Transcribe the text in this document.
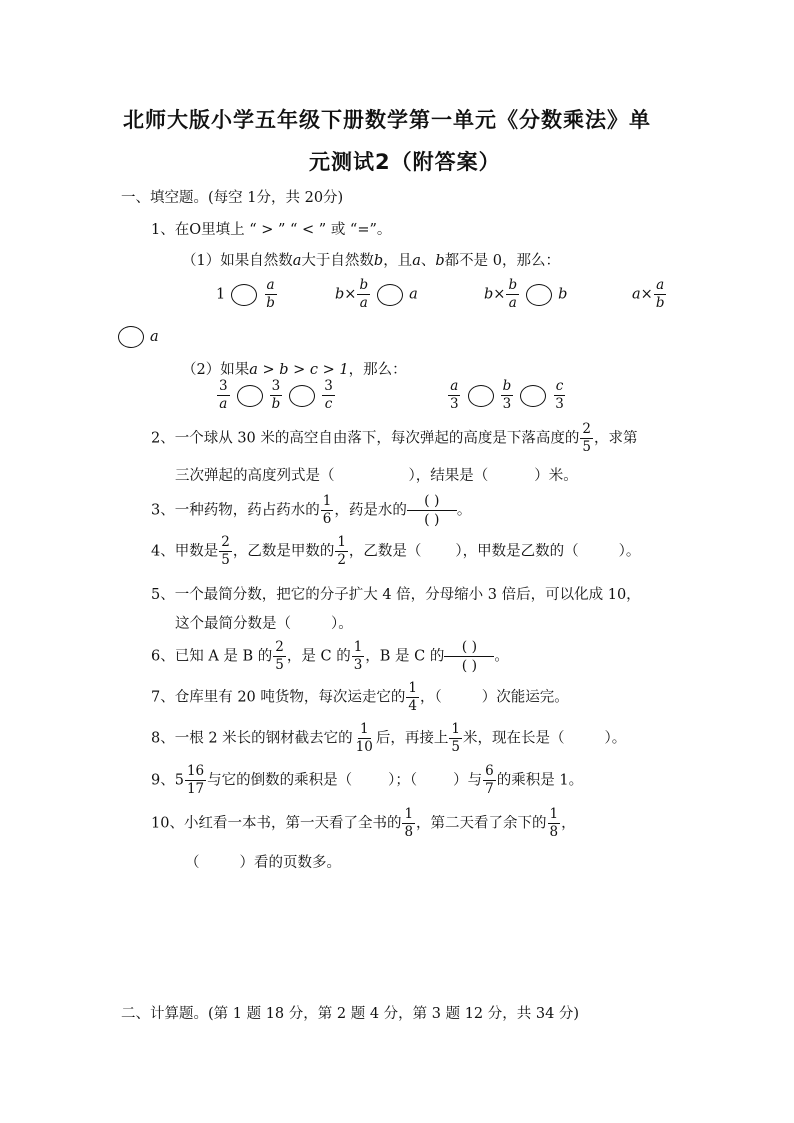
北师大版小学五年级下册数学第一单元《分数乘法》单
元测试2（附答案）
一、填空题。(每空 1分，共 20分)
1、在O里填上 “ > ” “ < ” 或 “=”。
（1）如果自然数a大于自然数b，且a、b都不是 0，那么：
1	$\frac{a}{b}$	$b\times \frac{b}{a}$	a	$b\times \frac{b}{a}$	b	$a\times \frac{a}{b}$
a
（2）如果a > b > c > 1，那么：
$\frac{3}{a}$	$\frac{3}{b}$	$\frac{3}{c}$	$\frac{a}{3}$	$\frac{b}{3}$	$\frac{c}{3}$
2、一个球从 30 米的高空自由落下，每次弹起的高度是下落高度的 $\frac{2}{5}$ ，求第
三次弹起的高度列式是（	），结果是（	）米。
3、一种药物，药占药水的 $\frac{1}{6}$ ，药是水的
( )
( )
。
4、甲数是 $\frac{2}{5}$ ，乙数是甲数的 $\frac{1}{2}$ ，乙数是（ ），甲数是乙数的（	）。
5、一个最简分数，把它的分子扩大 4 倍，分母缩小 3 倍后，可以化成 10，
这个最简分数是（	）。
6、已知 A 是 B 的 $\frac{2}{5}$ ，是 C 的 $\frac{1}{3}$ ，B 是 C 的
( )
( )
。
7、仓库里有 20 吨货物，每次运走它的 $\frac{1}{4}$ ，（	）次能运完。
8、一根 2 米长的钢材截去它的 $\frac{1}{10}$ 后，再接上 $\frac{1}{5}$ 米，现在长是（	）。
9、$5 \frac{16}{17}$ 与它的倒数的乘积是（ ）；（ ）与 $\frac{6}{7}$ 的乘积是 1。
10、小红看一本书，第一天看了全书的 $\frac{1}{8}$ ，第二天看了余下的 $\frac{1}{8}$ ，
（	）看的页数多。
二、计算题。(第 1 题 18 分，第 2 题 4 分，第 3 题 12 分，共 34 分)
